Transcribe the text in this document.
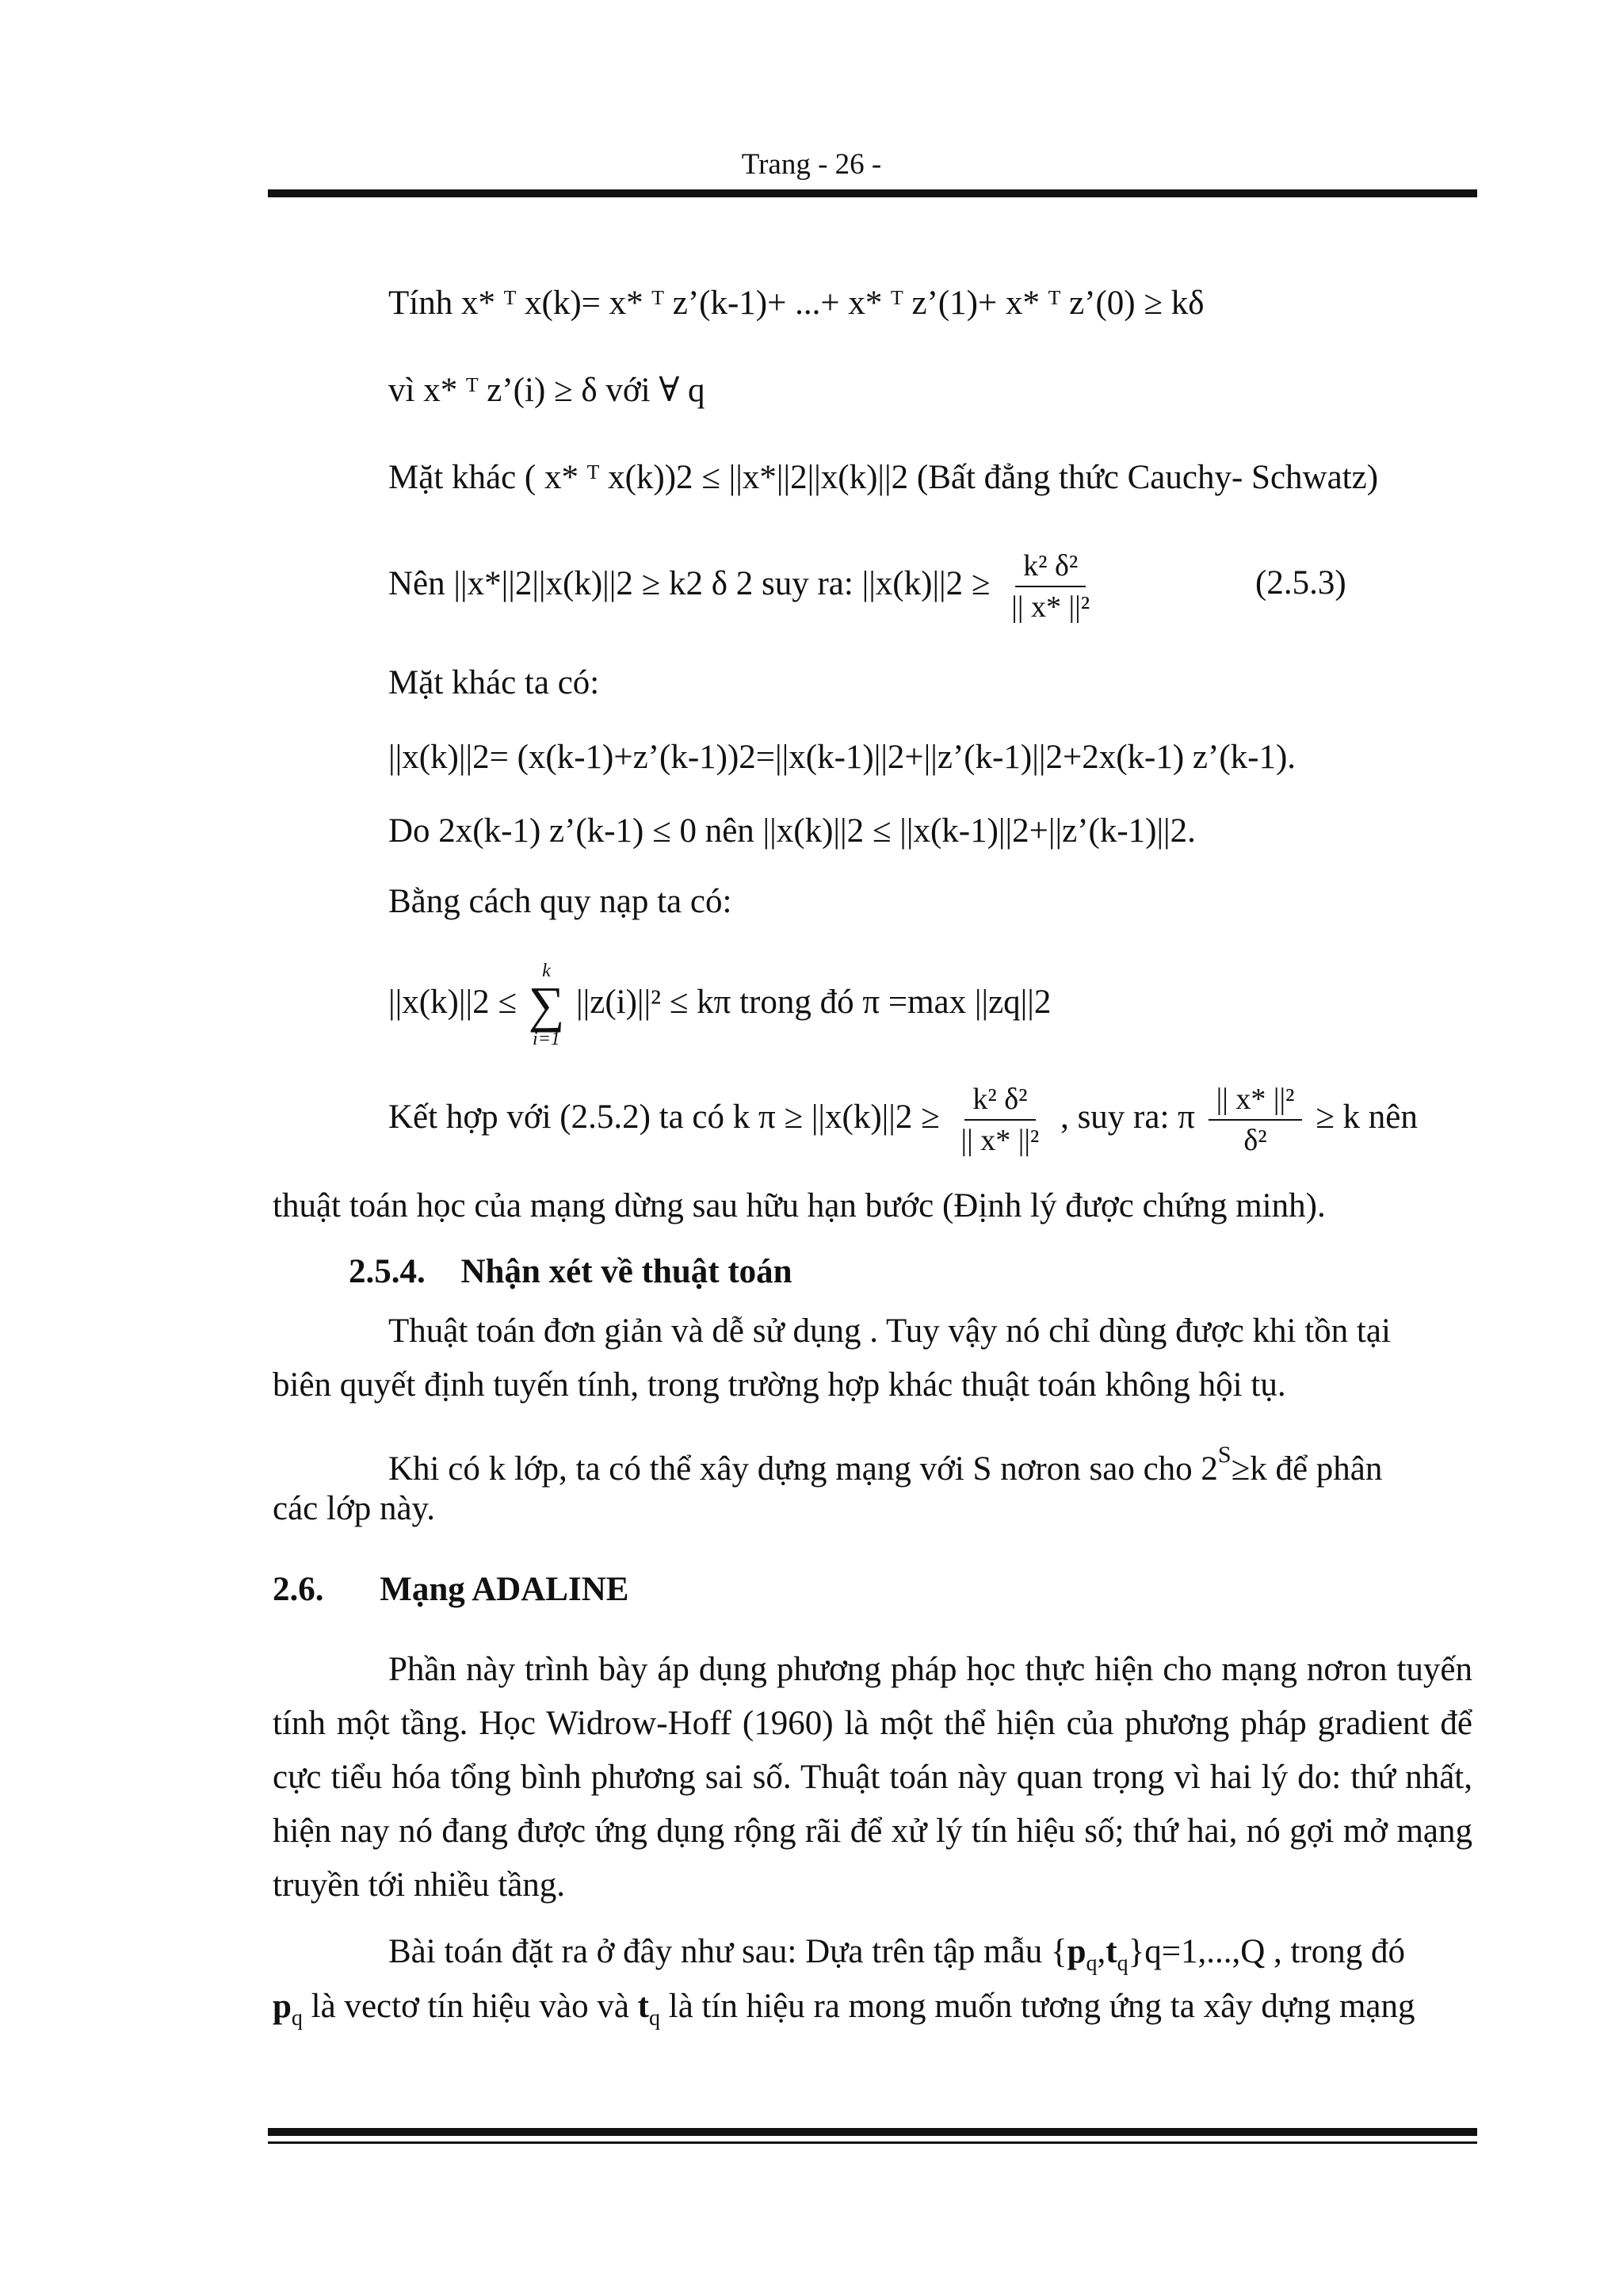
Trang - 26 -
Tính x* ᵀ x(k)= x* ᵀ z’(k-1)+ ...+ x* ᵀ z’(1)+ x* ᵀ z’(0) ≥ kδ
vì x* ᵀ z’(i) ≥ δ với ∀ q
Mặt khác ( x* ᵀ x(k))2 ≤ ||x*||2||x(k)||2 (Bất đẳng thức Cauchy- Schwatz)
Nên ||x*||2||x(k)||2 ≥ k2 δ 2 suy ra: $||x(k)||2 \ge \frac{\text{k² δ²}}{\text{|| x* ||²}}$	(2.5.3)
Mặt khác ta có:
||x(k)||2= (x(k-1)+z’(k-1))2=||x(k-1)||2+||z’(k-1)||2+2x(k-1) z’(k-1).
Do 2x(k-1) z’(k-1) ≤ 0 nên ||x(k)||2 ≤ ||x(k-1)||2+||z’(k-1)||2.
Bằng cách quy nạp ta có:
||x(k)||2 ≤
k
∑
i=1
||z(i)||² ≤ kπ trong đó π =max ||zq||2
Kết hợp với (2.5.2) ta có k $\pi \ge ||x(k)||2 \ge \frac{\text{k² δ²}}{\text{|| x* ||²}}$ , suy ra: π $\frac{\text{|| x* ||²}}{\text{δ²}} \ge k$ nên
thuật toán học của mạng dừng sau hữu hạn bước (Định lý được chứng minh).
2.5.4. Nhận xét về thuật toán
Thuật toán đơn giản và dễ sử dụng . Tuy vậy nó chỉ dùng được khi tồn tại
biên quyết định tuyến tính, trong trường hợp khác thuật toán không hội tụ.
Khi có k lớp, ta có thể xây dựng mạng với S nơron sao cho $2^S\ge k$ để phân
các lớp này.
2.6. Mạng ADALINE
Phần này trình bày áp dụng phương pháp học thực hiện cho mạng nơron tuyến tính một tầng. Học Widrow-Hoff (1960) là một thể hiện của phương pháp gradient để cực tiểu hóa tổng bình phương sai số. Thuật toán này quan trọng vì hai lý do: thứ nhất, hiện nay nó đang được ứng dụng rộng rãi để xử lý tín hiệu số; thứ hai, nó gợi mở mạng truyền tới nhiều tầng.
Bài toán đặt ra ở đây như sau: Dựa trên tập mẫu $\{p_q,t_q\}q=1,...,Q$ , trong đó
$p_q$ là vectơ tín hiệu vào và $t_q$ là tín hiệu ra mong muốn tương ứng ta xây dựng mạng
